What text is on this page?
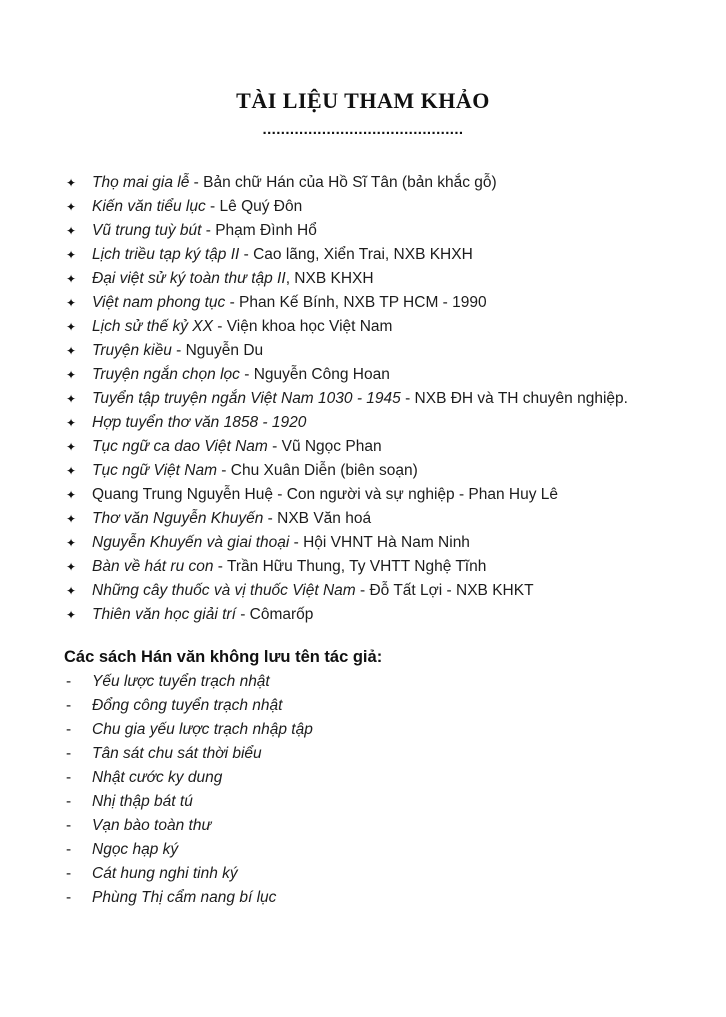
TÀI LIỆU THAM KHẢO
............................................
✦	Thọ mai gia lễ - Bản chữ Hán của Hồ Sĩ Tân (bản khắc gỗ)
✦	Kiến văn tiểu lục - Lê Quý Đôn
✦	Vũ trung tuỳ bút - Phạm Đình Hổ
✦	Lịch triều tạp ký tập II - Cao lãng, Xiển Trai, NXB KHXH
✦	Đại việt sử ký toàn thư tập II, NXB KHXH
✦	Việt nam phong tục - Phan Kế Bính, NXB TP HCM - 1990
✦	Lịch sử thế kỷ XX - Viện khoa học Việt Nam
✦	Truyện kiều - Nguyễn Du
✦	Truyện ngắn chọn lọc - Nguyễn Công Hoan
✦	Tuyển tập truyện ngắn Việt Nam 1030 - 1945 - NXB ĐH và TH chuyên nghiệp.
✦	Hợp tuyển thơ văn 1858 - 1920
✦	Tục ngữ ca dao Việt Nam - Vũ Ngọc Phan
✦	Tục ngữ Việt Nam - Chu Xuân Diễn (biên soạn)
✦	Quang Trung Nguyễn Huệ - Con người và sự nghiệp - Phan Huy Lê
✦	Thơ văn Nguyễn Khuyến - NXB Văn hoá
✦	Nguyễn Khuyến và giai thoại - Hội VHNT Hà Nam Ninh
✦	Bàn về hát ru con - Trần Hữu Thung, Ty VHTT Nghệ Tĩnh
✦	Những cây thuốc và vị thuốc Việt Nam - Đỗ Tất Lợi - NXB KHKT
✦	Thiên văn học giải trí - Cômarốp
Các sách Hán văn không lưu tên tác giả:
-	Yếu lược tuyển trạch nhật
-	Đổng công tuyển trạch nhật
-	Chu gia yếu lược trạch nhập tập
-	Tân sát chu sát thời biểu
-	Nhật cước ky dung
-	Nhị thập bát tú
-	Vạn bào toàn thư
-	Ngọc hạp ký
-	Cát hung nghi tinh ký
-	Phùng Thị cẩm nang bí lục
